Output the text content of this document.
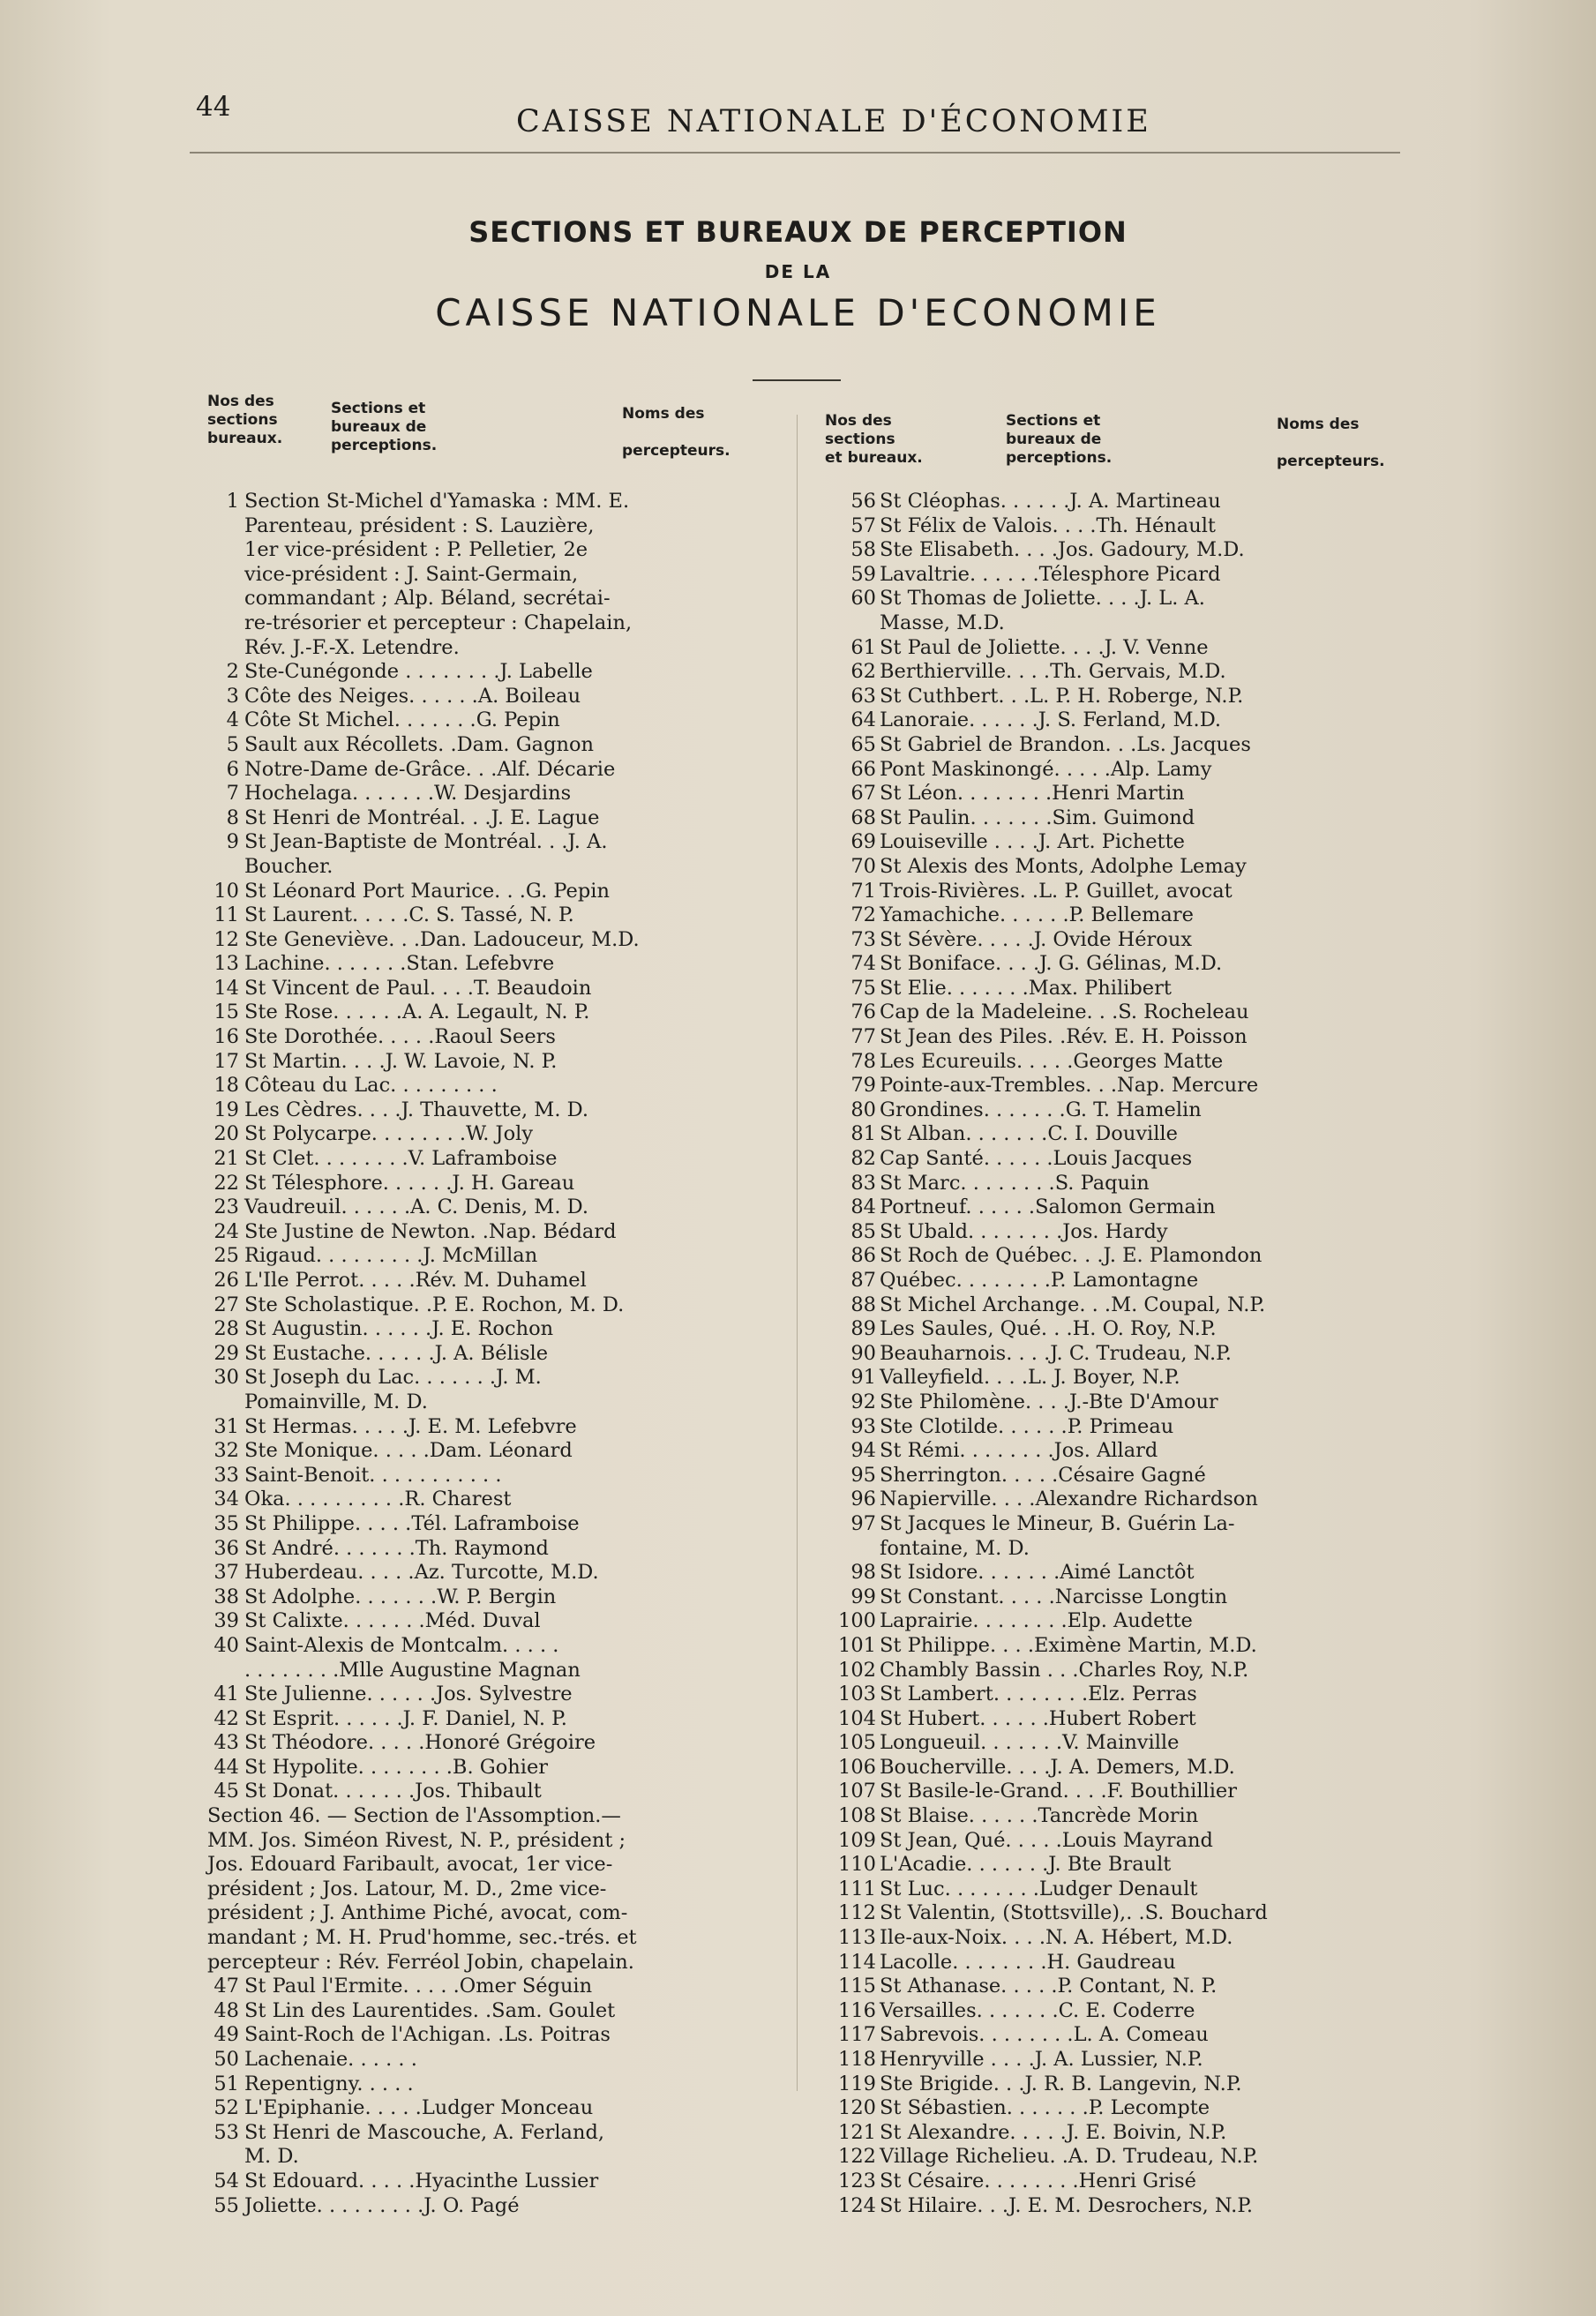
44	CAISSE NATIONALE D'ÉCONOMIE
SECTIONS ET BUREAUX DE PERCEPTION
DE LA
CAISSE NATIONALE D'ECONOMIE
Nos des
sections
bureaux.
Sections et
bureaux de
perceptions.
Noms des

percepteurs.
1 Section St-Michel d'Yamaska : MM. E.
Parenteau, président : S. Lauzière,
1er vice-président : P. Pelletier, 2e
vice-président : J. Saint-Germain,
commandant ; Alp. Béland, secrétai-
re-trésorier et percepteur : Chapelain,
Rév. J.-F.-X. Letendre.
2 Ste-Cunégonde . . . . . . . .J. Labelle
3 Côte des Neiges. . . . . .A. Boileau
4 Côte St Michel. . . . . . .G. Pepin
5 Sault aux Récollets. .Dam. Gagnon
6 Notre-Dame de-Grâce. . .Alf. Décarie
7 Hochelaga. . . . . . .W. Desjardins
8 St Henri de Montréal. . .J. E. Lague
9 St Jean-Baptiste de Montréal. . .J. A.
Boucher.
10 St Léonard Port Maurice. . .G. Pepin
11 St Laurent. . . . .C. S. Tassé, N. P.
12 Ste Geneviève. . .Dan. Ladouceur, M.D.
13 Lachine. . . . . . .Stan. Lefebvre
14 St Vincent de Paul. . . .T. Beaudoin
15 Ste Rose. . . . . .A. A. Legault, N. P.
16 Ste Dorothée. . . . .Raoul Seers
17 St Martin. . . .J. W. Lavoie, N. P.
18 Côteau du Lac. . . . . . . . .
19 Les Cèdres. . . .J. Thauvette, M. D.
20 St Polycarpe. . . . . . . .W. Joly
21 St Clet. . . . . . . .V. Laframboise
22 St Télesphore. . . . . .J. H. Gareau
23 Vaudreuil. . . . . .A. C. Denis, M. D.
24 Ste Justine de Newton. .Nap. Bédard
25 Rigaud. . . . . . . . .J. McMillan
26 L'Ile Perrot. . . . .Rév. M. Duhamel
27 Ste Scholastique. .P. E. Rochon, M. D.
28 St Augustin. . . . . .J. E. Rochon
29 St Eustache. . . . . .J. A. Bélisle
30 St Joseph du Lac. . . . . . .J. M.
Pomainville, M. D.
31 St Hermas. . . . .J. E. M. Lefebvre
32 Ste Monique. . . . .Dam. Léonard
33 Saint-Benoit. . . . . . . . . . .
34 Oka. . . . . . . . . .R. Charest
35 St Philippe. . . . .Tél. Laframboise
36 St André. . . . . . .Th. Raymond
37 Huberdeau. . . . .Az. Turcotte, M.D.
38 St Adolphe. . . . . . .W. P. Bergin
39 St Calixte. . . . . . .Méd. Duval
40 Saint-Alexis de Montcalm. . . . .
. . . . . . . .Mlle Augustine Magnan
41 Ste Julienne. . . . . .Jos. Sylvestre
42 St Esprit. . . . . .J. F. Daniel, N. P.
43 St Théodore. . . . .Honoré Grégoire
44 St Hypolite. . . . . . . .B. Gohier
45 St Donat. . . . . . .Jos. Thibault
Section 46. — Section de l'Assomption.—
MM. Jos. Siméon Rivest, N. P., président ;
Jos. Edouard Faribault, avocat, 1er vice-
président ; Jos. Latour, M. D., 2me vice-
président ; J. Anthime Piché, avocat, com-
mandant ; M. H. Prud'homme, sec.-trés. et
percepteur : Rév. Ferréol Jobin, chapelain.
47 St Paul l'Ermite. . . . .Omer Séguin
48 St Lin des Laurentides. .Sam. Goulet
49 Saint-Roch de l'Achigan. .Ls. Poitras
50 Lachenaie. . . . . .
51 Repentigny. . . . .
52 L'Epiphanie. . . . .Ludger Monceau
53 St Henri de Mascouche, A. Ferland,
M. D.
54 St Edouard. . . . .Hyacinthe Lussier
55 Joliette. . . . . . . . .J. O. Pagé
Nos des
sections
et bureaux.
Sections et
bureaux de
perceptions.
Noms des

percepteurs.
56 St Cléophas. . . . . .J. A. Martineau
57 St Félix de Valois. . . .Th. Hénault
58 Ste Elisabeth. . . .Jos. Gadoury, M.D.
59 Lavaltrie. . . . . .Télesphore Picard
60 St Thomas de Joliette. . . .J. L. A.
Masse, M.D.
61 St Paul de Joliette. . . .J. V. Venne
62 Berthierville. . . .Th. Gervais, M.D.
63 St Cuthbert. . .L. P. H. Roberge, N.P.
64 Lanoraie. . . . . .J. S. Ferland, M.D.
65 St Gabriel de Brandon. . .Ls. Jacques
66 Pont Maskinongé. . . . .Alp. Lamy
67 St Léon. . . . . . . .Henri Martin
68 St Paulin. . . . . . .Sim. Guimond
69 Louiseville . . . .J. Art. Pichette
70 St Alexis des Monts, Adolphe Lemay
71 Trois-Rivières. .L. P. Guillet, avocat
72 Yamachiche. . . . . .P. Bellemare
73 St Sévère. . . . .J. Ovide Héroux
74 St Boniface. . . .J. G. Gélinas, M.D.
75 St Elie. . . . . . .Max. Philibert
76 Cap de la Madeleine. . .S. Rocheleau
77 St Jean des Piles. .Rév. E. H. Poisson
78 Les Ecureuils. . . . .Georges Matte
79 Pointe-aux-Trembles. . .Nap. Mercure
80 Grondines. . . . . . .G. T. Hamelin
81 St Alban. . . . . . .C. I. Douville
82 Cap Santé. . . . . .Louis Jacques
83 St Marc. . . . . . . .S. Paquin
84 Portneuf. . . . . .Salomon Germain
85 St Ubald. . . . . . . .Jos. Hardy
86 St Roch de Québec. . .J. E. Plamondon
87 Québec. . . . . . . .P. Lamontagne
88 St Michel Archange. . .M. Coupal, N.P.
89 Les Saules, Qué. . .H. O. Roy, N.P.
90 Beauharnois. . . .J. C. Trudeau, N.P.
91 Valleyfield. . . .L. J. Boyer, N.P.
92 Ste Philomène. . . .J.-Bte D'Amour
93 Ste Clotilde. . . . . .P. Primeau
94 St Rémi. . . . . . . .Jos. Allard
95 Sherrington. . . . .Césaire Gagné
96 Napierville. . . .Alexandre Richardson
97 St Jacques le Mineur, B. Guérin La-
fontaine, M. D.
98 St Isidore. . . . . . .Aimé Lanctôt
99 St Constant. . . . .Narcisse Longtin
100 Laprairie. . . . . . . .Elp. Audette
101 St Philippe. . . .Eximène Martin, M.D.
102 Chambly Bassin . . .Charles Roy, N.P.
103 St Lambert. . . . . . . .Elz. Perras
104 St Hubert. . . . . .Hubert Robert
105 Longueuil. . . . . . .V. Mainville
106 Boucherville. . . .J. A. Demers, M.D.
107 St Basile-le-Grand. . . .F. Bouthillier
108 St Blaise. . . . . .Tancrède Morin
109 St Jean, Qué. . . . .Louis Mayrand
110 L'Acadie. . . . . . .J. Bte Brault
111 St Luc. . . . . . . .Ludger Denault
112 St Valentin, (Stottsville),. .S. Bouchard
113 Ile-aux-Noix. . . .N. A. Hébert, M.D.
114 Lacolle. . . . . . . .H. Gaudreau
115 St Athanase. . . . .P. Contant, N. P.
116 Versailles. . . . . . .C. E. Coderre
117 Sabrevois. . . . . . . .L. A. Comeau
118 Henryville . . . .J. A. Lussier, N.P.
119 Ste Brigide. . .J. R. B. Langevin, N.P.
120 St Sébastien. . . . . . .P. Lecompte
121 St Alexandre. . . . .J. E. Boivin, N.P.
122 Village Richelieu. .A. D. Trudeau, N.P.
123 St Césaire. . . . . . . .Henri Grisé
124 St Hilaire. . .J. E. M. Desrochers, N.P.
